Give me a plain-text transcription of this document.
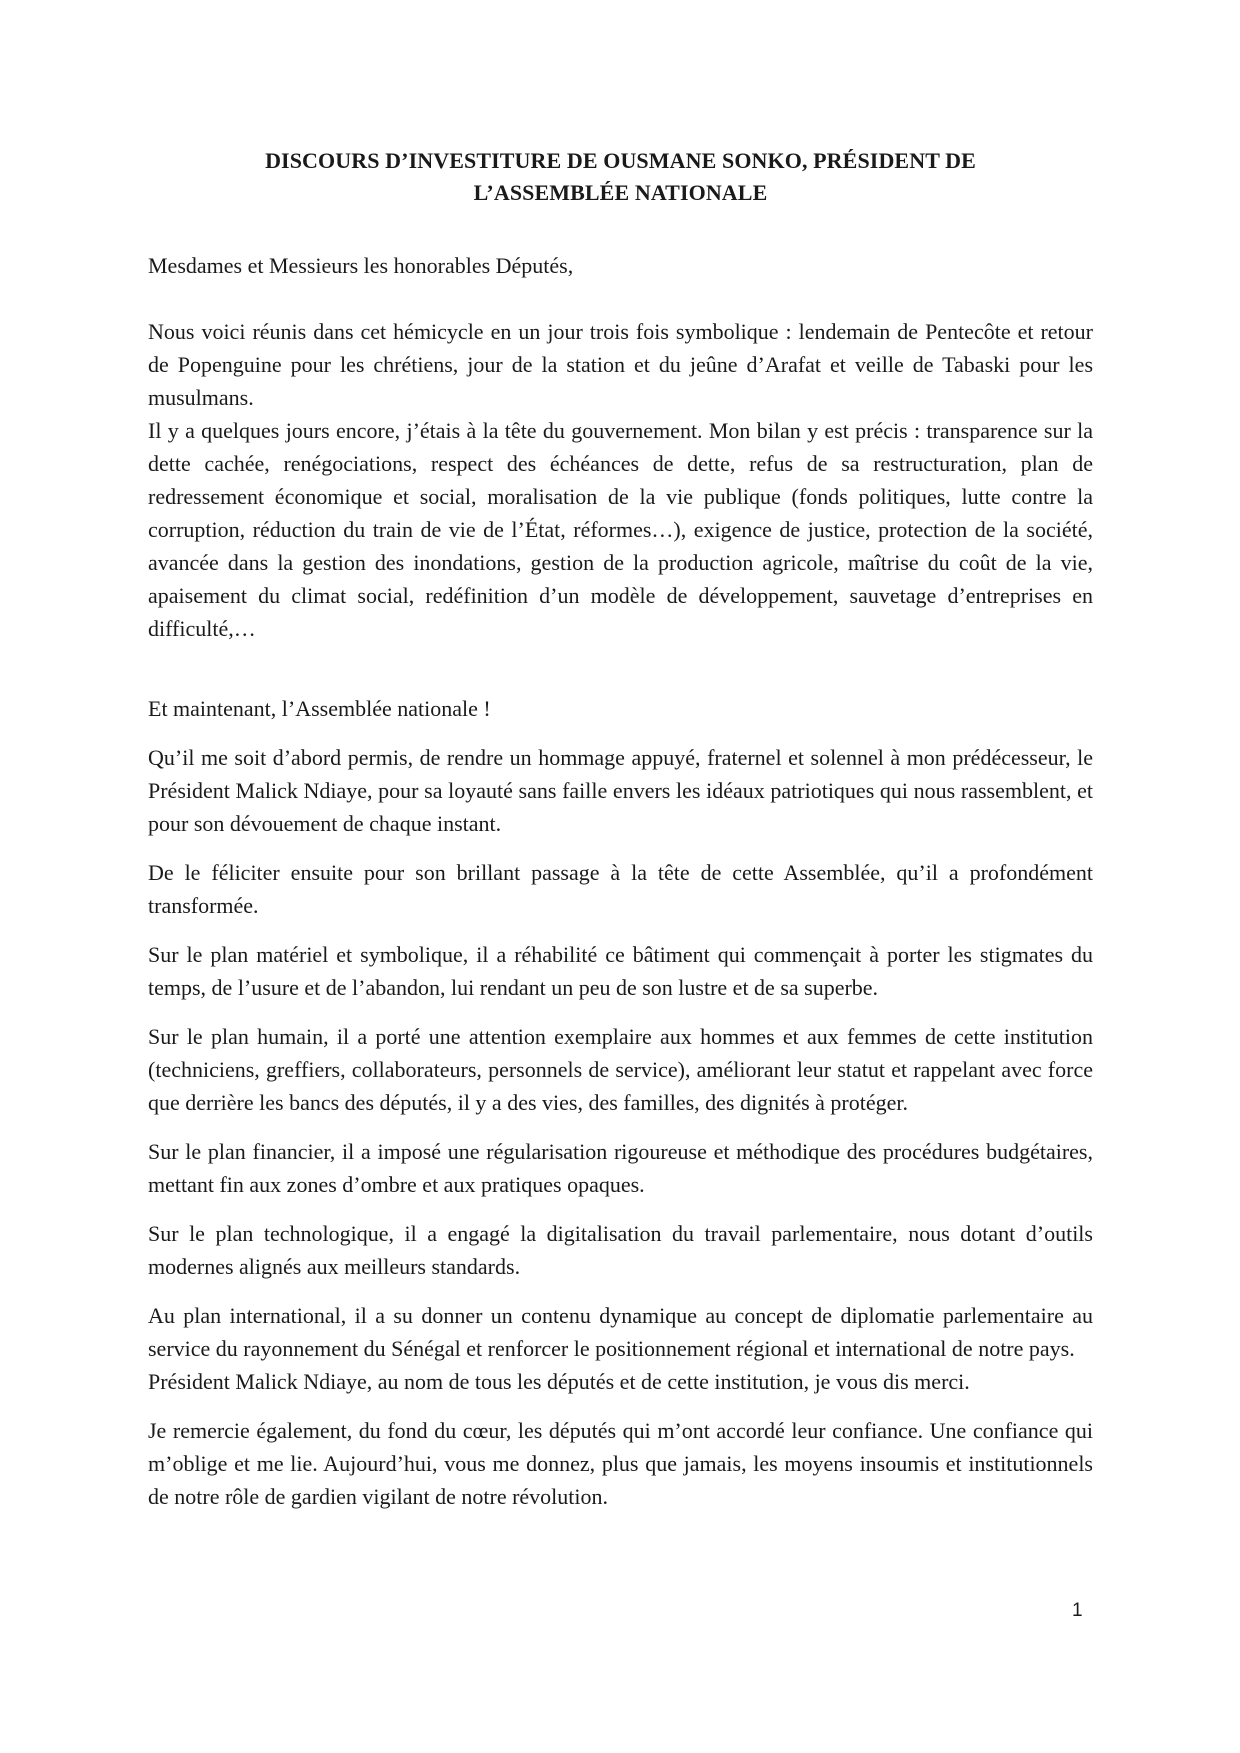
DISCOURS D’INVESTITURE DE OUSMANE SONKO, PRÉSIDENT DE
L’ASSEMBLÉE NATIONALE

Mesdames et Messieurs les honorables Députés,

Nous voici réunis dans cet hémicycle en un jour trois fois symbolique : lendemain de Pentecôte et retour de Popenguine pour les chrétiens, jour de la station et du jeûne d’Arafat et veille de Tabaski pour les musulmans.

Il y a quelques jours encore, j’étais à la tête du gouvernement. Mon bilan y est précis : transparence sur la dette cachée, renégociations, respect des échéances de dette, refus de sa restructuration, plan de redressement économique et social, moralisation de la vie publique (fonds politiques, lutte contre la corruption, réduction du train de vie de l’État, réformes…), exigence de justice, protection de la société, avancée dans la gestion des inondations, gestion de la production agricole, maîtrise du coût de la vie, apaisement du climat social, redéfinition d’un modèle de développement, sauvetage d’entreprises en difficulté,…

Et maintenant, l’Assemblée nationale !

Qu’il me soit d’abord permis, de rendre un hommage appuyé, fraternel et solennel à mon prédécesseur, le Président Malick Ndiaye, pour sa loyauté sans faille envers les idéaux patriotiques qui nous rassemblent, et pour son dévouement de chaque instant.

De le féliciter ensuite pour son brillant passage à la tête de cette Assemblée, qu’il a profondément transformée.

Sur le plan matériel et symbolique, il a réhabilité ce bâtiment qui commençait à porter les stigmates du temps, de l’usure et de l’abandon, lui rendant un peu de son lustre et de sa superbe.

Sur le plan humain, il a porté une attention exemplaire aux hommes et aux femmes de cette institution (techniciens, greffiers, collaborateurs, personnels de service), améliorant leur statut et rappelant avec force que derrière les bancs des députés, il y a des vies, des familles, des dignités à protéger.

Sur le plan financier, il a imposé une régularisation rigoureuse et méthodique des procédures budgétaires, mettant fin aux zones d’ombre et aux pratiques opaques.

Sur le plan technologique, il a engagé la digitalisation du travail parlementaire, nous dotant d’outils modernes alignés aux meilleurs standards.

Au plan international, il a su donner un contenu dynamique au concept de diplomatie parlementaire au service du rayonnement du Sénégal et renforcer le positionnement régional et international de notre pays.

Président Malick Ndiaye, au nom de tous les députés et de cette institution, je vous dis merci.

Je remercie également, du fond du cœur, les députés qui m’ont accordé leur confiance. Une confiance qui m’oblige et me lie. Aujourd’hui, vous me donnez, plus que jamais, les moyens insoumis et institutionnels de notre rôle de gardien vigilant de notre révolution.

1
